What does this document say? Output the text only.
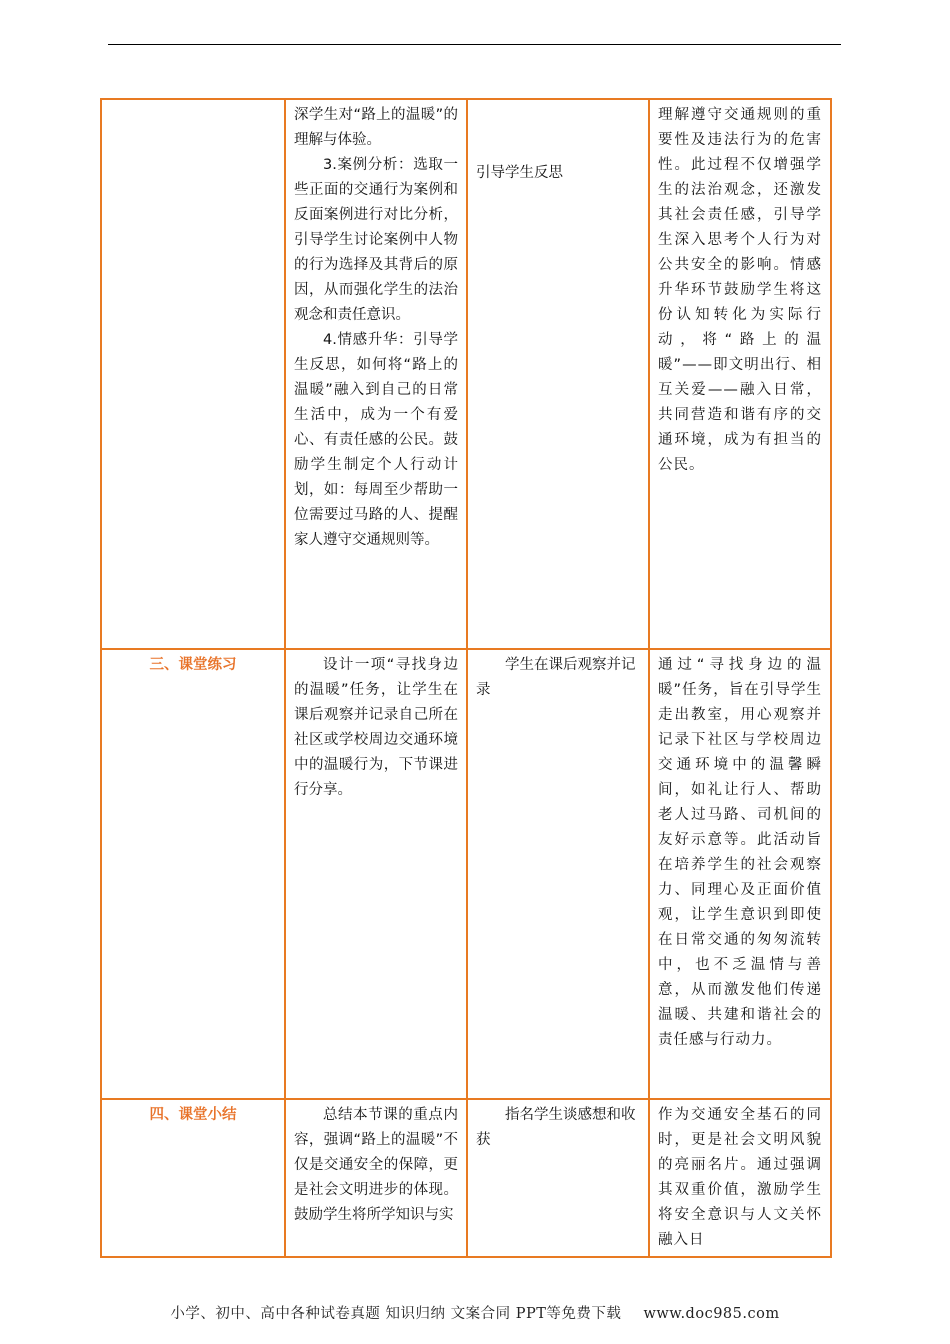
	深学生对“路上的温暖”的理解与体验。

3.案例分析：选取一些正面的交通行为案例和反面案例进行对比分析，引导学生讨论案例中人物的行为选择及其背后的原因，从而强化学生的法治观念和责任意识。

4.情感升华：引导学生反思，如何将“路上的温暖”融入到自己的日常生活中，成为一个有爱心、有责任感的公民。鼓励学生制定个人行动计划，如：每周至少帮助一位需要过马路的人、提醒家人遵守交通规则等。	引导学生反思	理解遵守交通规则的重要性及违法行为的危害性。此过程不仅增强学生的法治观念，还激发其社会责任感，引导学生深入思考个人行为对公共安全的影响。情感升华环节鼓励学生将这份认知转化为实际行动，将“路上的温暖”——即文明出行、相互关爱——融入日常，共同营造和谐有序的交通环境，成为有担当的公民。

三、课堂练习	设计一项“寻找身边的温暖”任务，让学生在课后观察并记录自己所在社区或学校周边交通环境中的温暖行为，下节课进行分享。	学生在课后观察并记录	通过“寻找身边的温暖”任务，旨在引导学生走出教室，用心观察并记录下社区与学校周边交通环境中的温馨瞬间，如礼让行人、帮助老人过马路、司机间的友好示意等。此活动旨在培养学生的社会观察力、同理心及正面价值观，让学生意识到即使在日常交通的匆匆流转中，也不乏温情与善意，从而激发他们传递温暖、共建和谐社会的责任感与行动力。

四、课堂小结	总结本节课的重点内容，强调“路上的温暖”不仅是交通安全的保障，更是社会文明进步的体现。鼓励学生将所学知识与实	指名学生谈感想和收获	作为交通安全基石的同时，更是社会文明风貌的亮丽名片。通过强调其双重价值，激励学生将安全意识与人文关怀融入日

小学、初中、高中各种试卷真题 知识归纳 文案合同 PPT等免费下载 www.doc985.com
